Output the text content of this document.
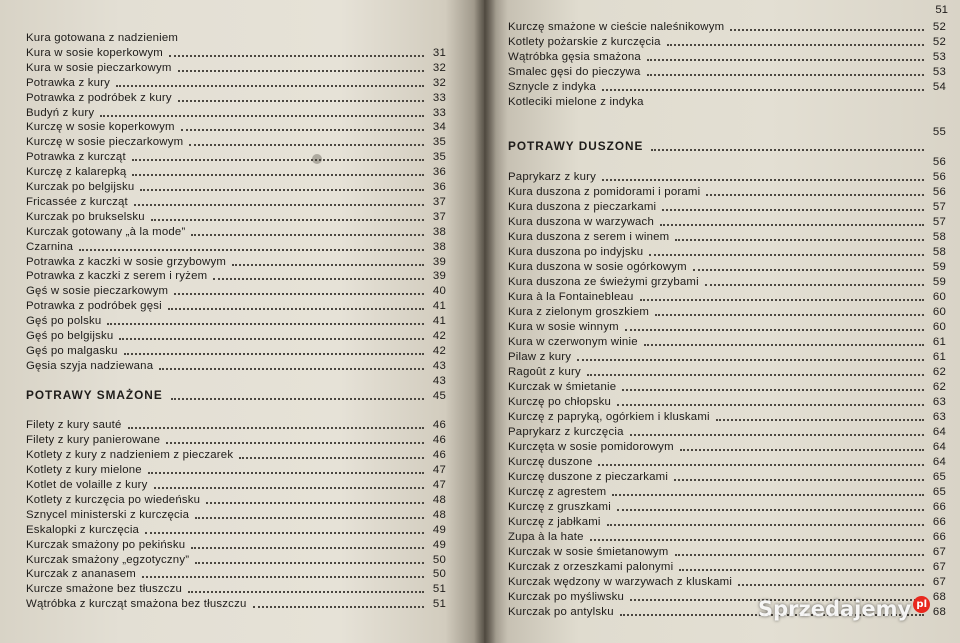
Kura gotowana z nadzieniem
Kura w sosie koperkowym	31
Kura w sosie pieczarkowym	32
Potrawka z kury	32
Potrawka z podróbek z kury	33
Budyń z kury	33
Kurczę w sosie koperkowym	34
Kurczę w sosie pieczarkowym	35
Potrawka z kurcząt	35
Kurczę z kalarepką	36
Kurczak po belgijsku	36
Fricassée z kurcząt	37
Kurczak po brukselsku	37
Kurczak gotowany „à la mode”	38
Czarnina	38
Potrawka z kaczki w sosie grzybowym	39
Potrawka z kaczki z serem i ryżem	39
Gęś w sosie pieczarkowym	40
Potrawka z podróbek gęsi	41
Gęś po polsku	41
Gęś po belgijsku	42
Gęś po malgasku	42
Gęsia szyja nadziewana	43
43
POTRAWY SMAŻONE	45
Filety z kury sauté	46
Filety z kury panierowane	46
Kotlety z kury z nadzieniem z pieczarek	46
Kotlety z kury mielone	47
Kotlet de volaille z kury	47
Kotlety z kurczęcia po wiedeńsku	48
Sznycel ministerski z kurczęcia	48
Eskalopki z kurczęcia	49
Kurczak smażony po pekińsku	49
Kurczak smażony „egzotyczny”	50
Kurczak z ananasem	50
Kurcze smażone bez tłuszczu	51
Wątróbka z kurcząt smażona bez tłuszczu	51
51
Kurczę smażone w cieście naleśnikowym	52
Kotlety pożarskie z kurczęcia	52
Wątróbka gęsia smażona	53
Smalec gęsi do pieczywa	53
Sznycle z indyka	54
Kotleciki mielone z indyka
55
POTRAWY DUSZONE
56
Paprykarz z kury	56
Kura duszona z pomidorami i porami	56
Kura duszona z pieczarkami	57
Kura duszona w warzywach	57
Kura duszona z serem i winem	58
Kura duszona po indyjsku	58
Kura duszona w sosie ogórkowym	59
Kura duszona ze świeżymi grzybami	59
Kura à la Fontainebleau	60
Kura z zielonym groszkiem	60
Kura w sosie winnym	60
Kura w czerwonym winie	61
Pilaw z kury	61
Ragoût z kury	62
Kurczak w śmietanie	62
Kurczę po chłopsku	63
Kurczę z papryką, ogórkiem i kluskami	63
Paprykarz z kurczęcia	64
Kurczęta w sosie pomidorowym	64
Kurczę duszone	64
Kurczę duszone z pieczarkami	65
Kurczę z agrestem	65
Kurczę z gruszkami	66
Kurczę z jabłkami	66
Zupa à la hate	66
Kurczak w sosie śmietanowym	67
Kurczak z orzeszkami palonymi	67
Kurczak wędzony w warzywach z kluskami	67
Kurczak po myśliwsku	68
Kurczak po antylsku	68
Sprzedajemy pl
